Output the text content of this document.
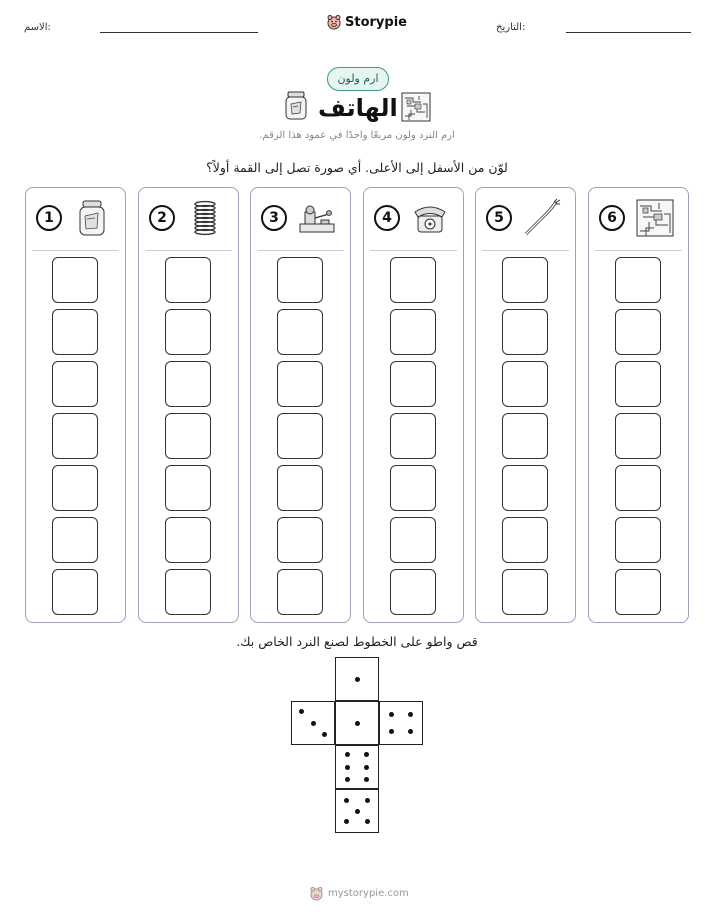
الاسم:	Storypie	التاريخ:
ارم ولون
الهاتف
ارم النرد ولون مربعًا واحدًا في عمود هذا الرقم.
لوّن من الأسفل إلى الأعلى. أي صورة تصل إلى القمة أولاً؟
1	2	3	4	5	6
قص واطو على الخطوط لصنع النرد الخاص بك.
mystorypie.com
